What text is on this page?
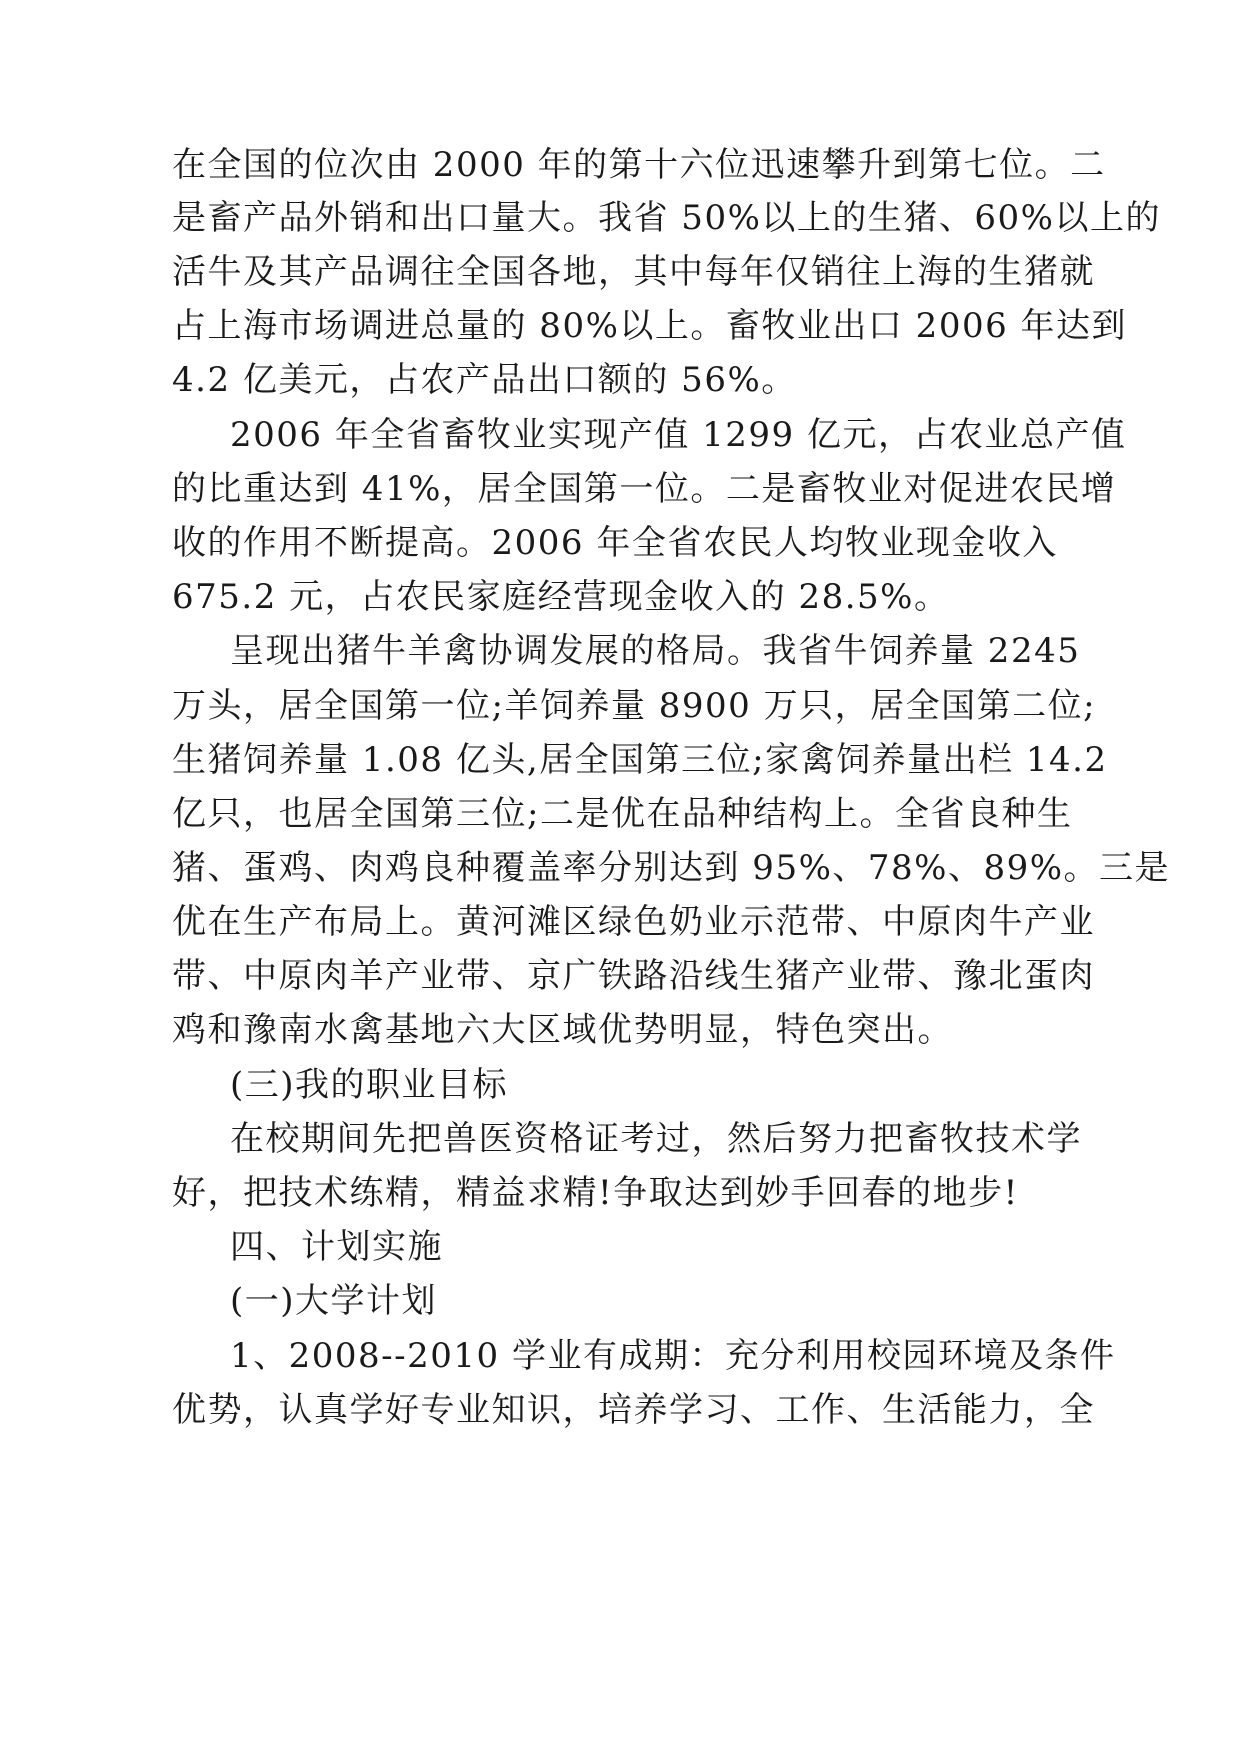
在全国的位次由 2000 年的第十六位迅速攀升到第七位。二
是畜产品外销和出口量大。我省 50%以上的生猪、60%以上的
活牛及其产品调往全国各地，其中每年仅销往上海的生猪就
占上海市场调进总量的 80%以上。畜牧业出口 2006 年达到
4.2 亿美元，占农产品出口额的 56%。
2006 年全省畜牧业实现产值 1299 亿元，占农业总产值
的比重达到 41%，居全国第一位。二是畜牧业对促进农民增
收的作用不断提高。2006 年全省农民人均牧业现金收入
675.2 元，占农民家庭经营现金收入的 28.5%。
呈现出猪牛羊禽协调发展的格局。我省牛饲养量 2245
万头，居全国第一位;羊饲养量 8900 万只，居全国第二位;
生猪饲养量 1.08 亿头,居全国第三位;家禽饲养量出栏 14.2
亿只，也居全国第三位;二是优在品种结构上。全省良种生
猪、蛋鸡、肉鸡良种覆盖率分别达到 95%、78%、89%。三是
优在生产布局上。黄河滩区绿色奶业示范带、中原肉牛产业
带、中原肉羊产业带、京广铁路沿线生猪产业带、豫北蛋肉
鸡和豫南水禽基地六大区域优势明显，特色突出。
(三)我的职业目标
在校期间先把兽医资格证考过，然后努力把畜牧技术学
好，把技术练精，精益求精!争取达到妙手回春的地步!
四、计划实施
(一)大学计划
1、2008--2010 学业有成期：充分利用校园环境及条件
优势，认真学好专业知识，培养学习、工作、生活能力，全
